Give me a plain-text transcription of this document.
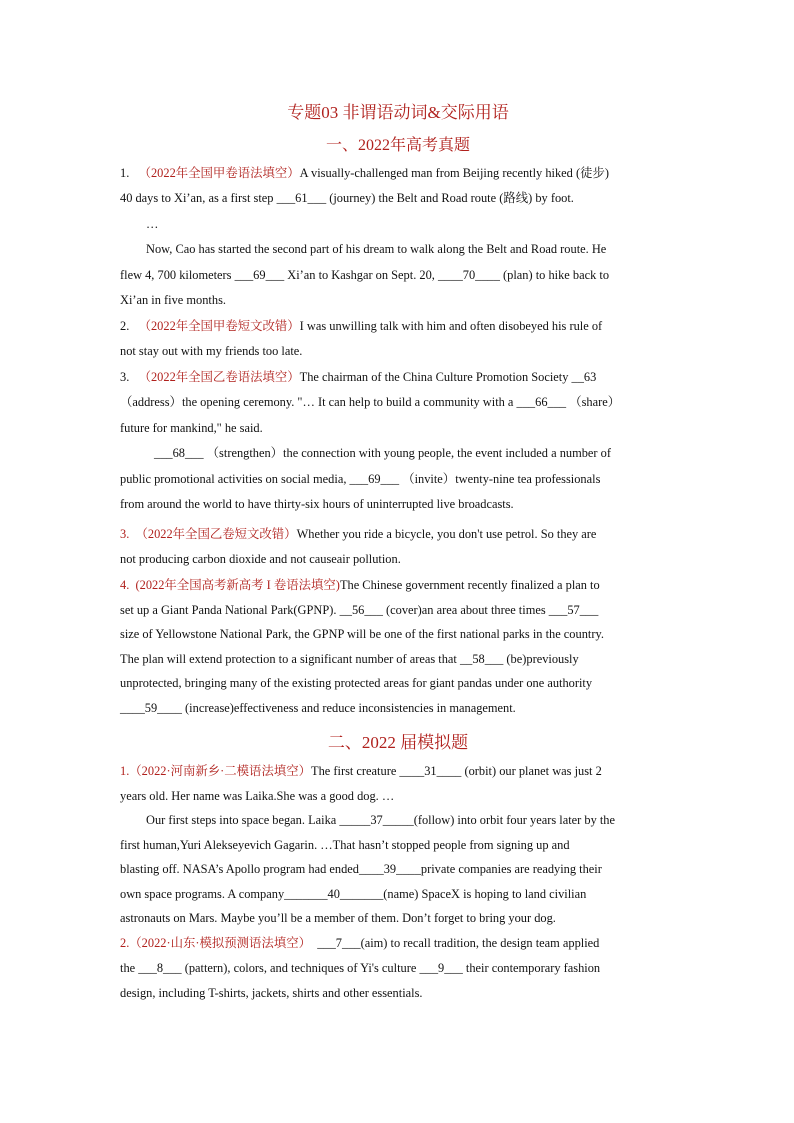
专题03 非谓语动词&交际用语
一、2022年高考真题
1. （2022年全国甲卷语法填空）A visually-challenged man from Beijing recently hiked (徒步)
40 days to Xi’an, as a first step ___61___ (journey) the Belt and Road route (路线) by foot.
…
Now, Cao has started the second part of his dream to walk along the Belt and Road route. He
flew 4, 700 kilometers ___69___ Xi’an to Kashgar on Sept. 20, ____70____ (plan) to hike back to
Xi’an in five months.
2. （2022年全国甲卷短文改错）I was unwilling talk with him and often disobeyed his rule of
not stay out with my friends too late.
3. （2022年全国乙卷语法填空）The chairman of the China Culture Promotion Society __63
（address）the opening ceremony. "… It can help to build a community with a ___66___ （share）
future for mankind," he said.
___68___ （strengthen）the connection with young people, the event included a number of
public promotional activities on social media, ___69___ （invite）twenty-nine tea professionals
from around the world to have thirty-six hours of uninterrupted live broadcasts.
3. （2022年全国乙卷短文改错）Whether you ride a bicycle, you don't use petrol. So they are
not producing carbon dioxide and not causeair pollution.
4. (2022年全国高考新高考 I 卷语法填空)The Chinese government recently finalized a plan to
set up a Giant Panda National Park(GPNP). __56___ (cover)an area about three times ___57___
size of Yellowstone National Park, the GPNP will be one of the first national parks in the country.
The plan will extend protection to a significant number of areas that __58___ (be)previously
unprotected, bringing many of the existing protected areas for giant pandas under one authority
____59____ (increase)effectiveness and reduce inconsistencies in management.
二、2022 届模拟题
1.（2022·河南新乡·二模语法填空）The first creature ____31____ (orbit) our planet was just 2
years old. Her name was Laika.She was a good dog. …
Our first steps into space began. Laika _____37_____(follow) into orbit four years later by the
first human,Yuri Alekseyevich Gagarin. …That hasn’t stopped people from signing up and
blasting off. NASA’s Apollo program had ended____39____private companies are readying their
own space programs. A company_______40_______(name) SpaceX is hoping to land civilian
astronauts on Mars. Maybe you’ll be a member of them. Don’t forget to bring your dog.
2.（2022·山东·模拟预测语法填空） ___7___(aim) to recall tradition, the design team applied
the ___8___ (pattern), colors, and techniques of Yi's culture ___9___ their contemporary fashion
design, including T-shirts, jackets, shirts and other essentials.
